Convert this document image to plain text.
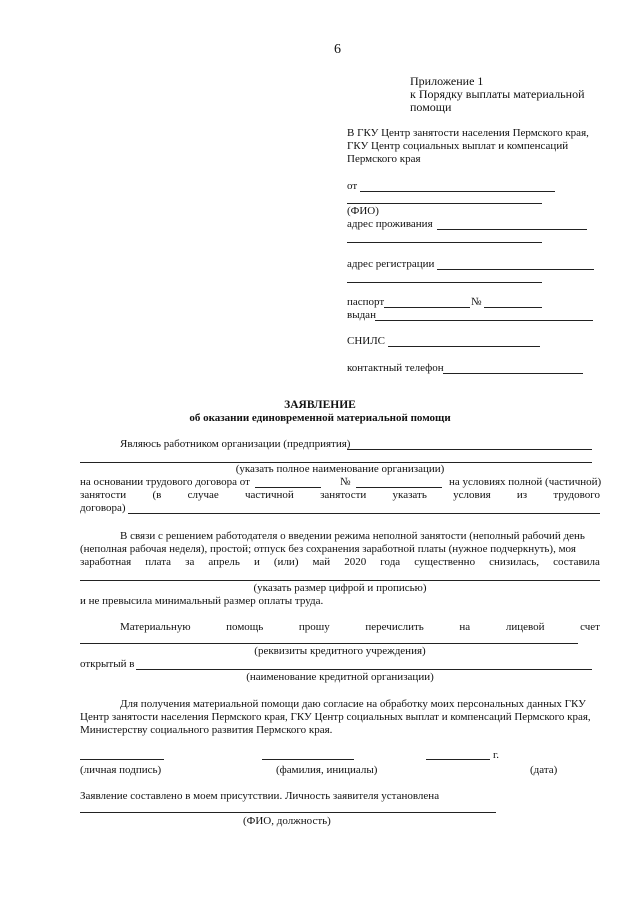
6
Приложение 1
к Порядку выплаты материальной
помощи
В ГКУ Центр занятости населения Пермского края,
ГКУ Центр социальных выплат и компенсаций
Пермского края
от
(ФИО)
адрес проживания
адрес регистрации
паспорт	№
выдан
СНИЛС
контактный телефон
ЗАЯВЛЕНИЕ
об оказании единовременной материальной помощи
Являюсь работником организации (предприятия)
(указать полное наименование организации)
на основании трудового договора от	№	на условиях полной (частичной)
занятости (в случае частичной занятости указать условия из трудового
договора)
В связи с решением работодателя о введении режима неполной занятости (неполный рабочий день
(неполная рабочая неделя), простой; отпуск без сохранения заработной платы (нужное подчеркнуть), моя
заработная плата за апрель и (или) май 2020 года существенно снизилась, составила
(указать размер цифрой и прописью)
и не превысила минимальный размер оплаты труда.
Материальную	помощь	прошу	перечислить	на	лицевой	счет
(реквизиты кредитного учреждения)
открытый в
(наименование кредитной организации)
Для получения материальной помощи даю согласие на обработку моих персональных данных ГКУ
Центр занятости населения Пермского края, ГКУ Центр социальных выплат и компенсаций Пермского края,
Министерству социального развития Пермского края.
г.
(личная подпись)	(фамилия, инициалы)	(дата)
Заявление составлено в моем присутствии. Личность заявителя установлена
(ФИО, должность)
